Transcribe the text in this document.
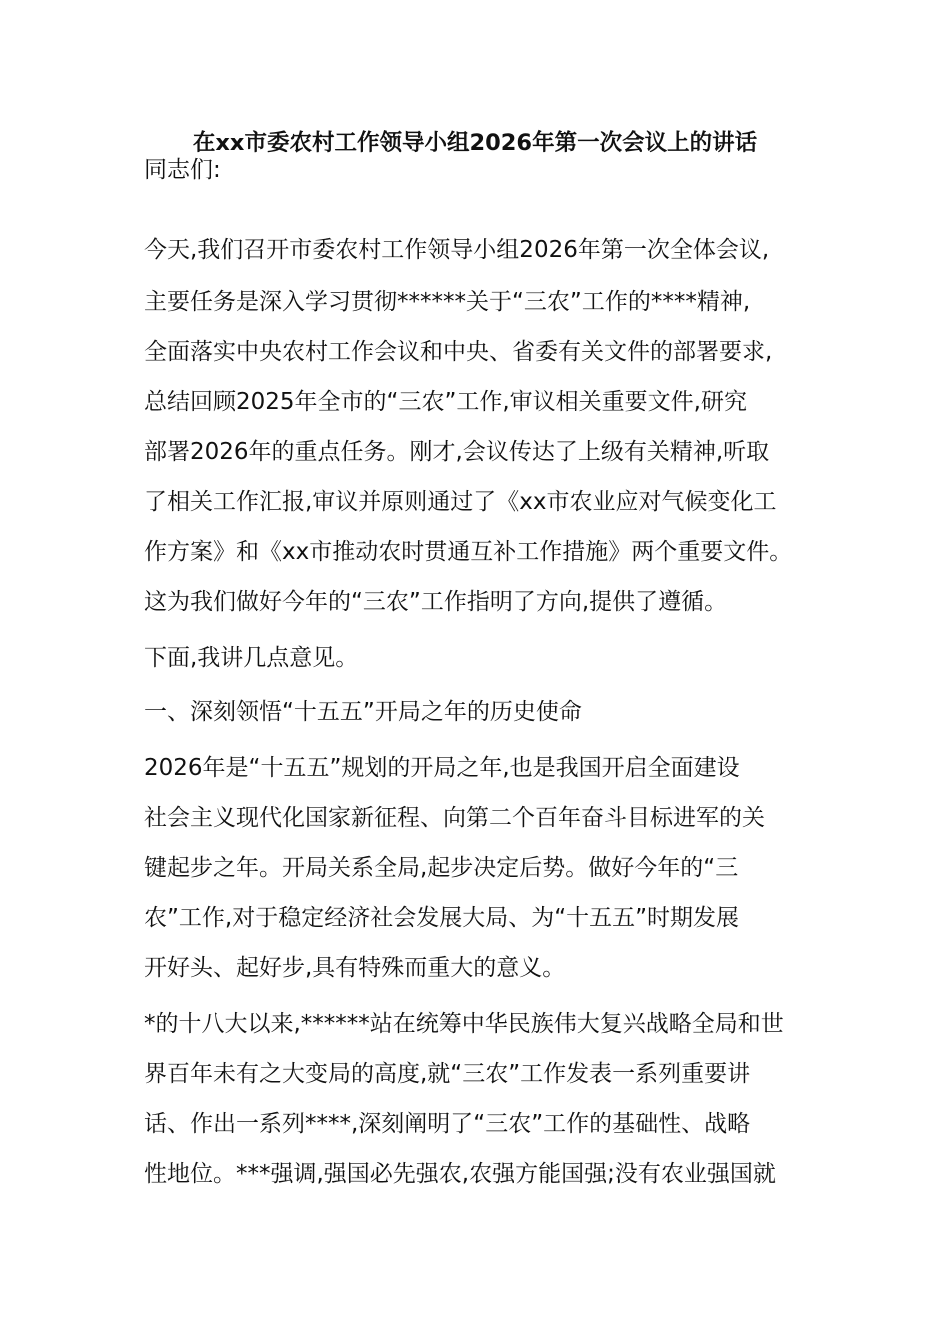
在xx市委农村工作领导小组2026年第一次会议上的讲话
同志们:
今天,我们召开市委农村工作领导小组2026年第一次全体会议,
主要任务是深入学习贯彻******关于“三农”工作的****精神,
全面落实中央农村工作会议和中央、省委有关文件的部署要求,
总结回顾2025年全市的“三农”工作,审议相关重要文件,研究
部署2026年的重点任务。刚才,会议传达了上级有关精神,听取
了相关工作汇报,审议并原则通过了《xx市农业应对气候变化工
作方案》和《xx市推动农时贯通互补工作措施》两个重要文件。
这为我们做好今年的“三农”工作指明了方向,提供了遵循。
下面,我讲几点意见。
一、深刻领悟“十五五”开局之年的历史使命
2026年是“十五五”规划的开局之年,也是我国开启全面建设
社会主义现代化国家新征程、向第二个百年奋斗目标进军的关
键起步之年。开局关系全局,起步决定后势。做好今年的“三
农”工作,对于稳定经济社会发展大局、为“十五五”时期发展
开好头、起好步,具有特殊而重大的意义。
*的十八大以来,******站在统筹中华民族伟大复兴战略全局和世
界百年未有之大变局的高度,就“三农”工作发表一系列重要讲
话、作出一系列****,深刻阐明了“三农”工作的基础性、战略
性地位。***强调,强国必先强农,农强方能国强;没有农业强国就
